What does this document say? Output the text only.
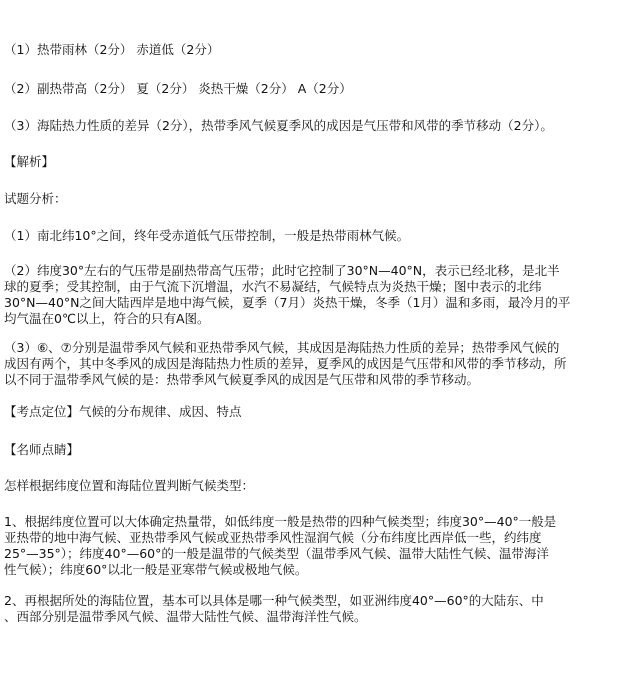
（1）热带雨林（2分） 赤道低（2分）
（2）副热带高（2分） 夏（2分） 炎热干燥（2分） A（2分）
（3）海陆热力性质的差异（2分），热带季风气候夏季风的成因是气压带和风带的季节移动（2分）。
【解析】
试题分析：
（1）南北纬10°之间，终年受赤道低气压带控制，一般是热带雨林气候。
（2）纬度30°左右的气压带是副热带高气压带；此时它控制了30°N—40°N，表示已经北移，是北半
球的夏季；受其控制，由于气流下沉增温，水汽不易凝结，气候特点为炎热干燥；图中表示的北纬
30°N—40°N之间大陆西岸是地中海气候，夏季（7月）炎热干燥，冬季（1月）温和多雨，最冷月的平
均气温在0℃以上，符合的只有A图。
（3）⑥、⑦分别是温带季风气候和亚热带季风气候，其成因是海陆热力性质的差异；热带季风气候的
成因有两个，其中冬季风的成因是海陆热力性质的差异，夏季风的成因是气压带和风带的季节移动，所
以不同于温带季风气候的是：热带季风气候夏季风的成因是气压带和风带的季节移动。
【考点定位】气候的分布规律、成因、特点
【名师点睛】
怎样根据纬度位置和海陆位置判断气候类型：
1、根据纬度位置可以大体确定热量带，如低纬度一般是热带的四种气候类型；纬度30°—40°一般是
亚热带的地中海气候、亚热带季风气候或亚热带季风性湿润气候（分布纬度比西岸低一些，约纬度
25°—35°）；纬度40°—60°的一般是温带的气候类型（温带季风气候、温带大陆性气候、温带海洋
性气候）；纬度60°以北一般是亚寒带气候或极地气候。
2、再根据所处的海陆位置，基本可以具体是哪一种气候类型，如亚洲纬度40°—60°的大陆东、中
、西部分别是温带季风气候、温带大陆性气候、温带海洋性气候。
